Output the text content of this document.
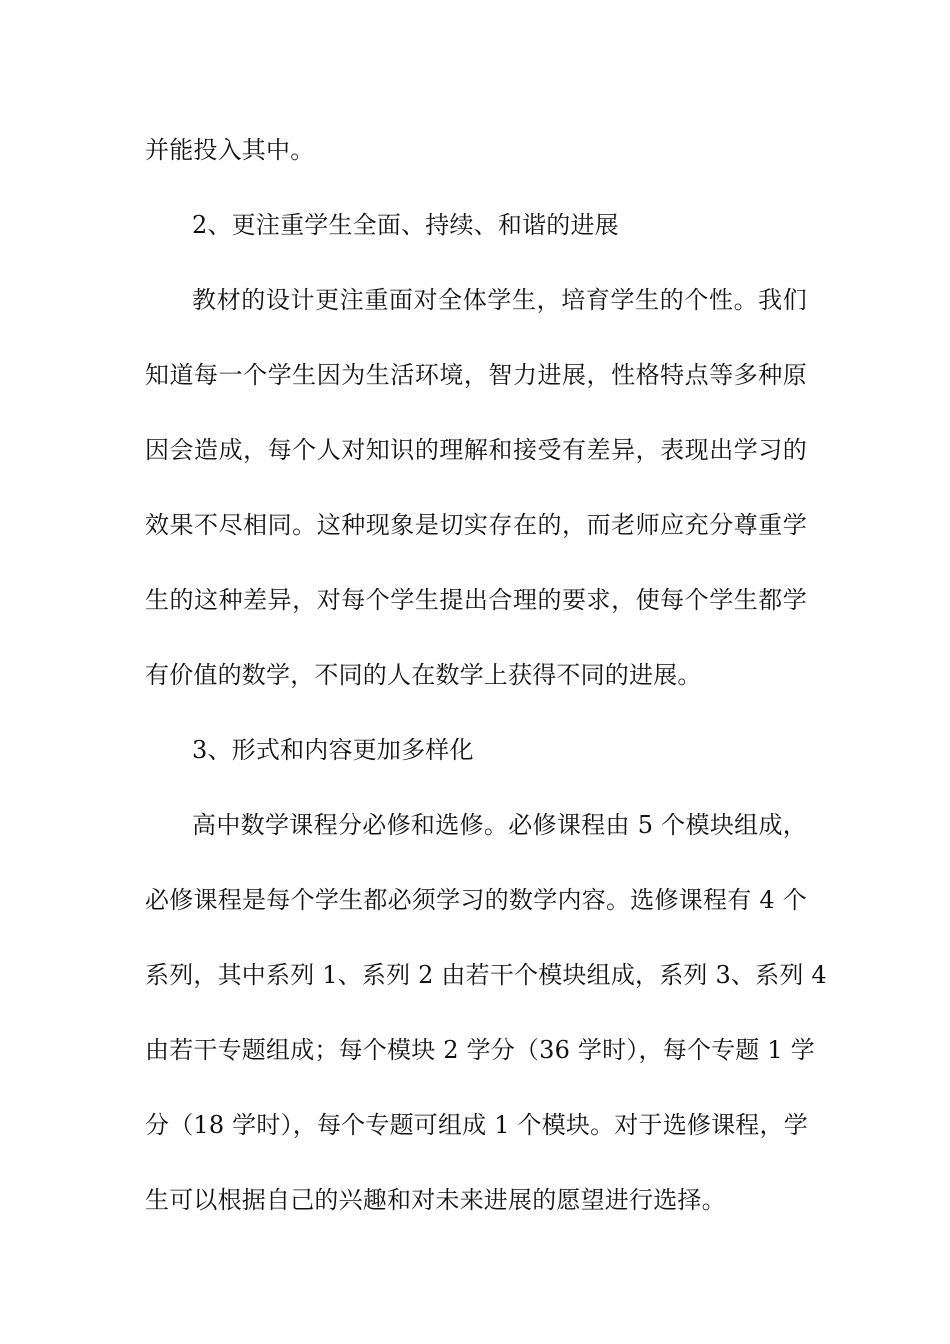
并能投入其中。
2、更注重学生全面、持续、和谐的进展
教材的设计更注重面对全体学生，培育学生的个性。我们
知道每一个学生因为生活环境，智力进展，性格特点等多种原
因会造成，每个人对知识的理解和接受有差异，表现出学习的
效果不尽相同。这种现象是切实存在的，而老师应充分尊重学
生的这种差异，对每个学生提出合理的要求，使每个学生都学
有价值的数学，不同的人在数学上获得不同的进展。
3、形式和内容更加多样化
高中数学课程分必修和选修。必修课程由 5 个模块组成，
必修课程是每个学生都必须学习的数学内容。选修课程有 4 个
系列，其中系列 1、系列 2 由若干个模块组成，系列 3、系列 4
由若干专题组成；每个模块 2 学分（36 学时），每个专题 1 学
分（18 学时），每个专题可组成 1 个模块。对于选修课程，学
生可以根据自己的兴趣和对未来进展的愿望进行选择。
